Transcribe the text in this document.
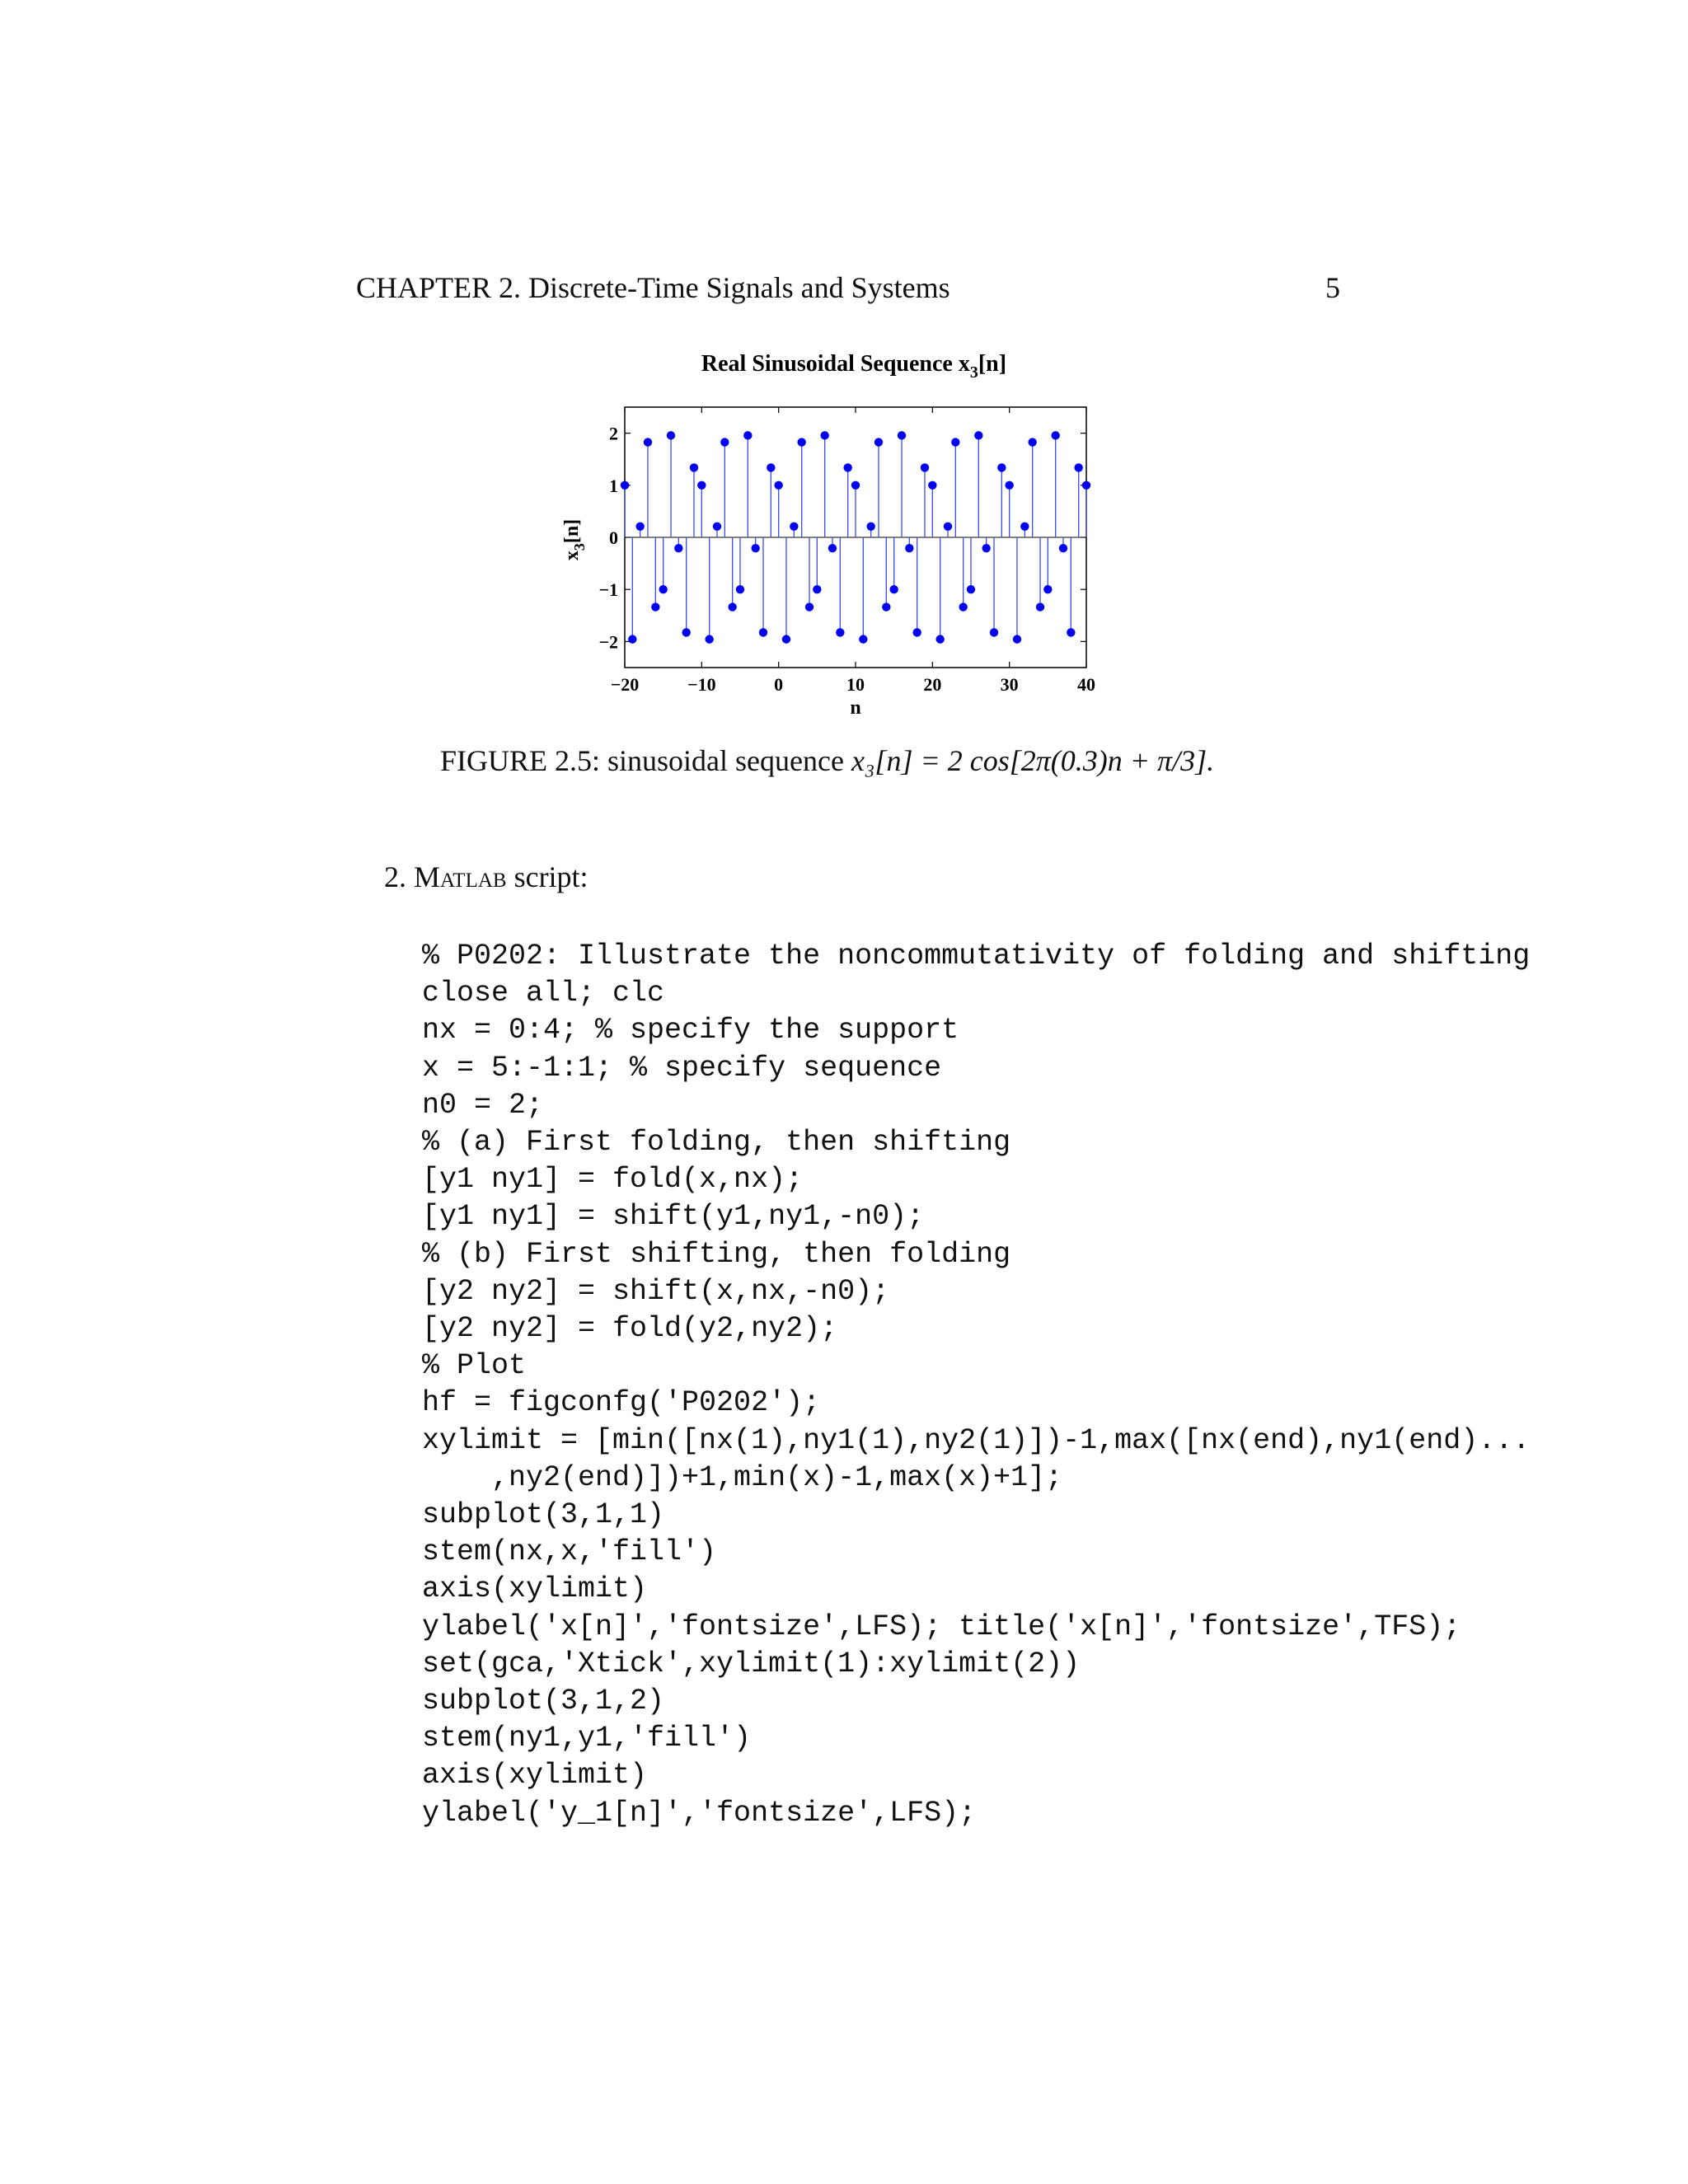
CHAPTER 2. Discrete-Time Signals and Systems	5
Real Sinusoidal Sequence $x_3[n]$
$x_3[n]$
n
−20	−10	0	10	20	30	40
2
1
0
−1
−2
FIGURE 2.5: sinusoidal sequence x₃[n] = 2 cos[2π(0.3)n + π/3].
2. Matlab script:
% P0202: Illustrate the noncommutativity of folding and shifting
close all; clc
nx = 0:4; % specify the support
x = 5:-1:1; % specify sequence
n0 = 2;
% (a) First folding, then shifting
[y1 ny1] = fold(x,nx);
[y1 ny1] = shift(y1,ny1,-n0);
% (b) First shifting, then folding
[y2 ny2] = shift(x,nx,-n0);
[y2 ny2] = fold(y2,ny2);
% Plot
hf = figconfg('P0202');
xylimit = [min([nx(1),ny1(1),ny2(1)])-1,max([nx(end),ny1(end)...
,ny2(end)])+1,min(x)-1,max(x)+1];
subplot(3,1,1)
stem(nx,x,'fill')
axis(xylimit)
ylabel('x[n]','fontsize',LFS); title('x[n]','fontsize',TFS);
set(gca,'Xtick',xylimit(1):xylimit(2))
subplot(3,1,2)
stem(ny1,y1,'fill')
axis(xylimit)
ylabel('y_1[n]','fontsize',LFS);
